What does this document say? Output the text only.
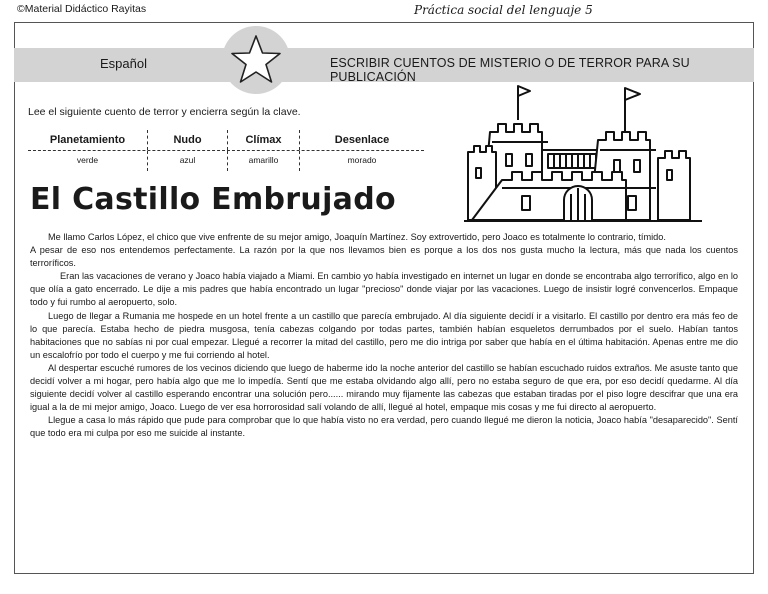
©Material Didáctico Rayitas	Práctica social del lenguaje 5
Español	ESCRIBIR CUENTOS DE MISTERIO O DE TERROR PARA SU PUBLICACIÓN
Lee el siguiente cuento de terror y encierra según la clave.
Planetamiento	Nudo	Clímax	Desenlace
verde	azul	amarillo	morado
El Castillo Embrujado

Me llamo Carlos López, el chico que vive enfrente de su mejor amigo, Joaquín Martínez. Soy extrovertido, pero Joaco es totalmente lo contrario, tímido.

A pesar de eso nos entendemos perfectamente. La razón por la que nos llevamos bien es porque a los dos nos gusta mucho la lectura, más que nada los cuentos terroríficos.

Eran las vacaciones de verano y Joaco había viajado a Miami. En cambio yo había investigado en internet un lugar en donde se encontraba algo terrorífico, algo en lo que olía a gato encerrado. Le dije a mis padres que había encontrado un lugar "precioso" donde viajar por las vacaciones. Luego de insistir logré convencerlos. Empaque todo y fui rumbo al aeropuerto, solo.

Luego de llegar a Rumania me hospede en un hotel frente a un castillo que parecía embrujado. Al día siguiente decidí ir a visitarlo. El castillo por dentro era más feo de lo que parecía. Estaba hecho de piedra musgosa, tenía cabezas colgando por todas partes, también habían esqueletos derrumbados por el suelo. Habían tantos habitaciones que no sabías ni por cual empezar. Llegué a recorrer la mitad del castillo, pero me dio intriga por saber que había en el última habitación. Apenas entre me dio un escalofrío por todo el cuerpo y me fui corriendo al hotel.

Al despertar escuché rumores de los vecinos diciendo que luego de haberme ido la noche anterior del castillo se habían escuchado ruidos extraños. Me asuste tanto que decidí volver a mi hogar, pero había algo que me lo impedía. Sentí que me estaba olvidando algo allí, pero no estaba seguro de que era, por eso decidí quedarme. Al día siguiente decidí volver al castillo esperando encontrar una solución pero...... mirando muy fijamente las cabezas que estaban tiradas por el piso logre descifrar que una era igual a la de mi mejor amigo, Joaco. Luego de ver esa horrorosidad salí volando de allí, llegué al hotel, empaque mis cosas y me fui directo al aeropuerto.

Llegue a casa lo más rápido que pude para comprobar que lo que había visto no era verdad, pero cuando llegué me dieron la noticia, Joaco había "desaparecido". Sentí que todo era mi culpa por eso me suicide al instante.
